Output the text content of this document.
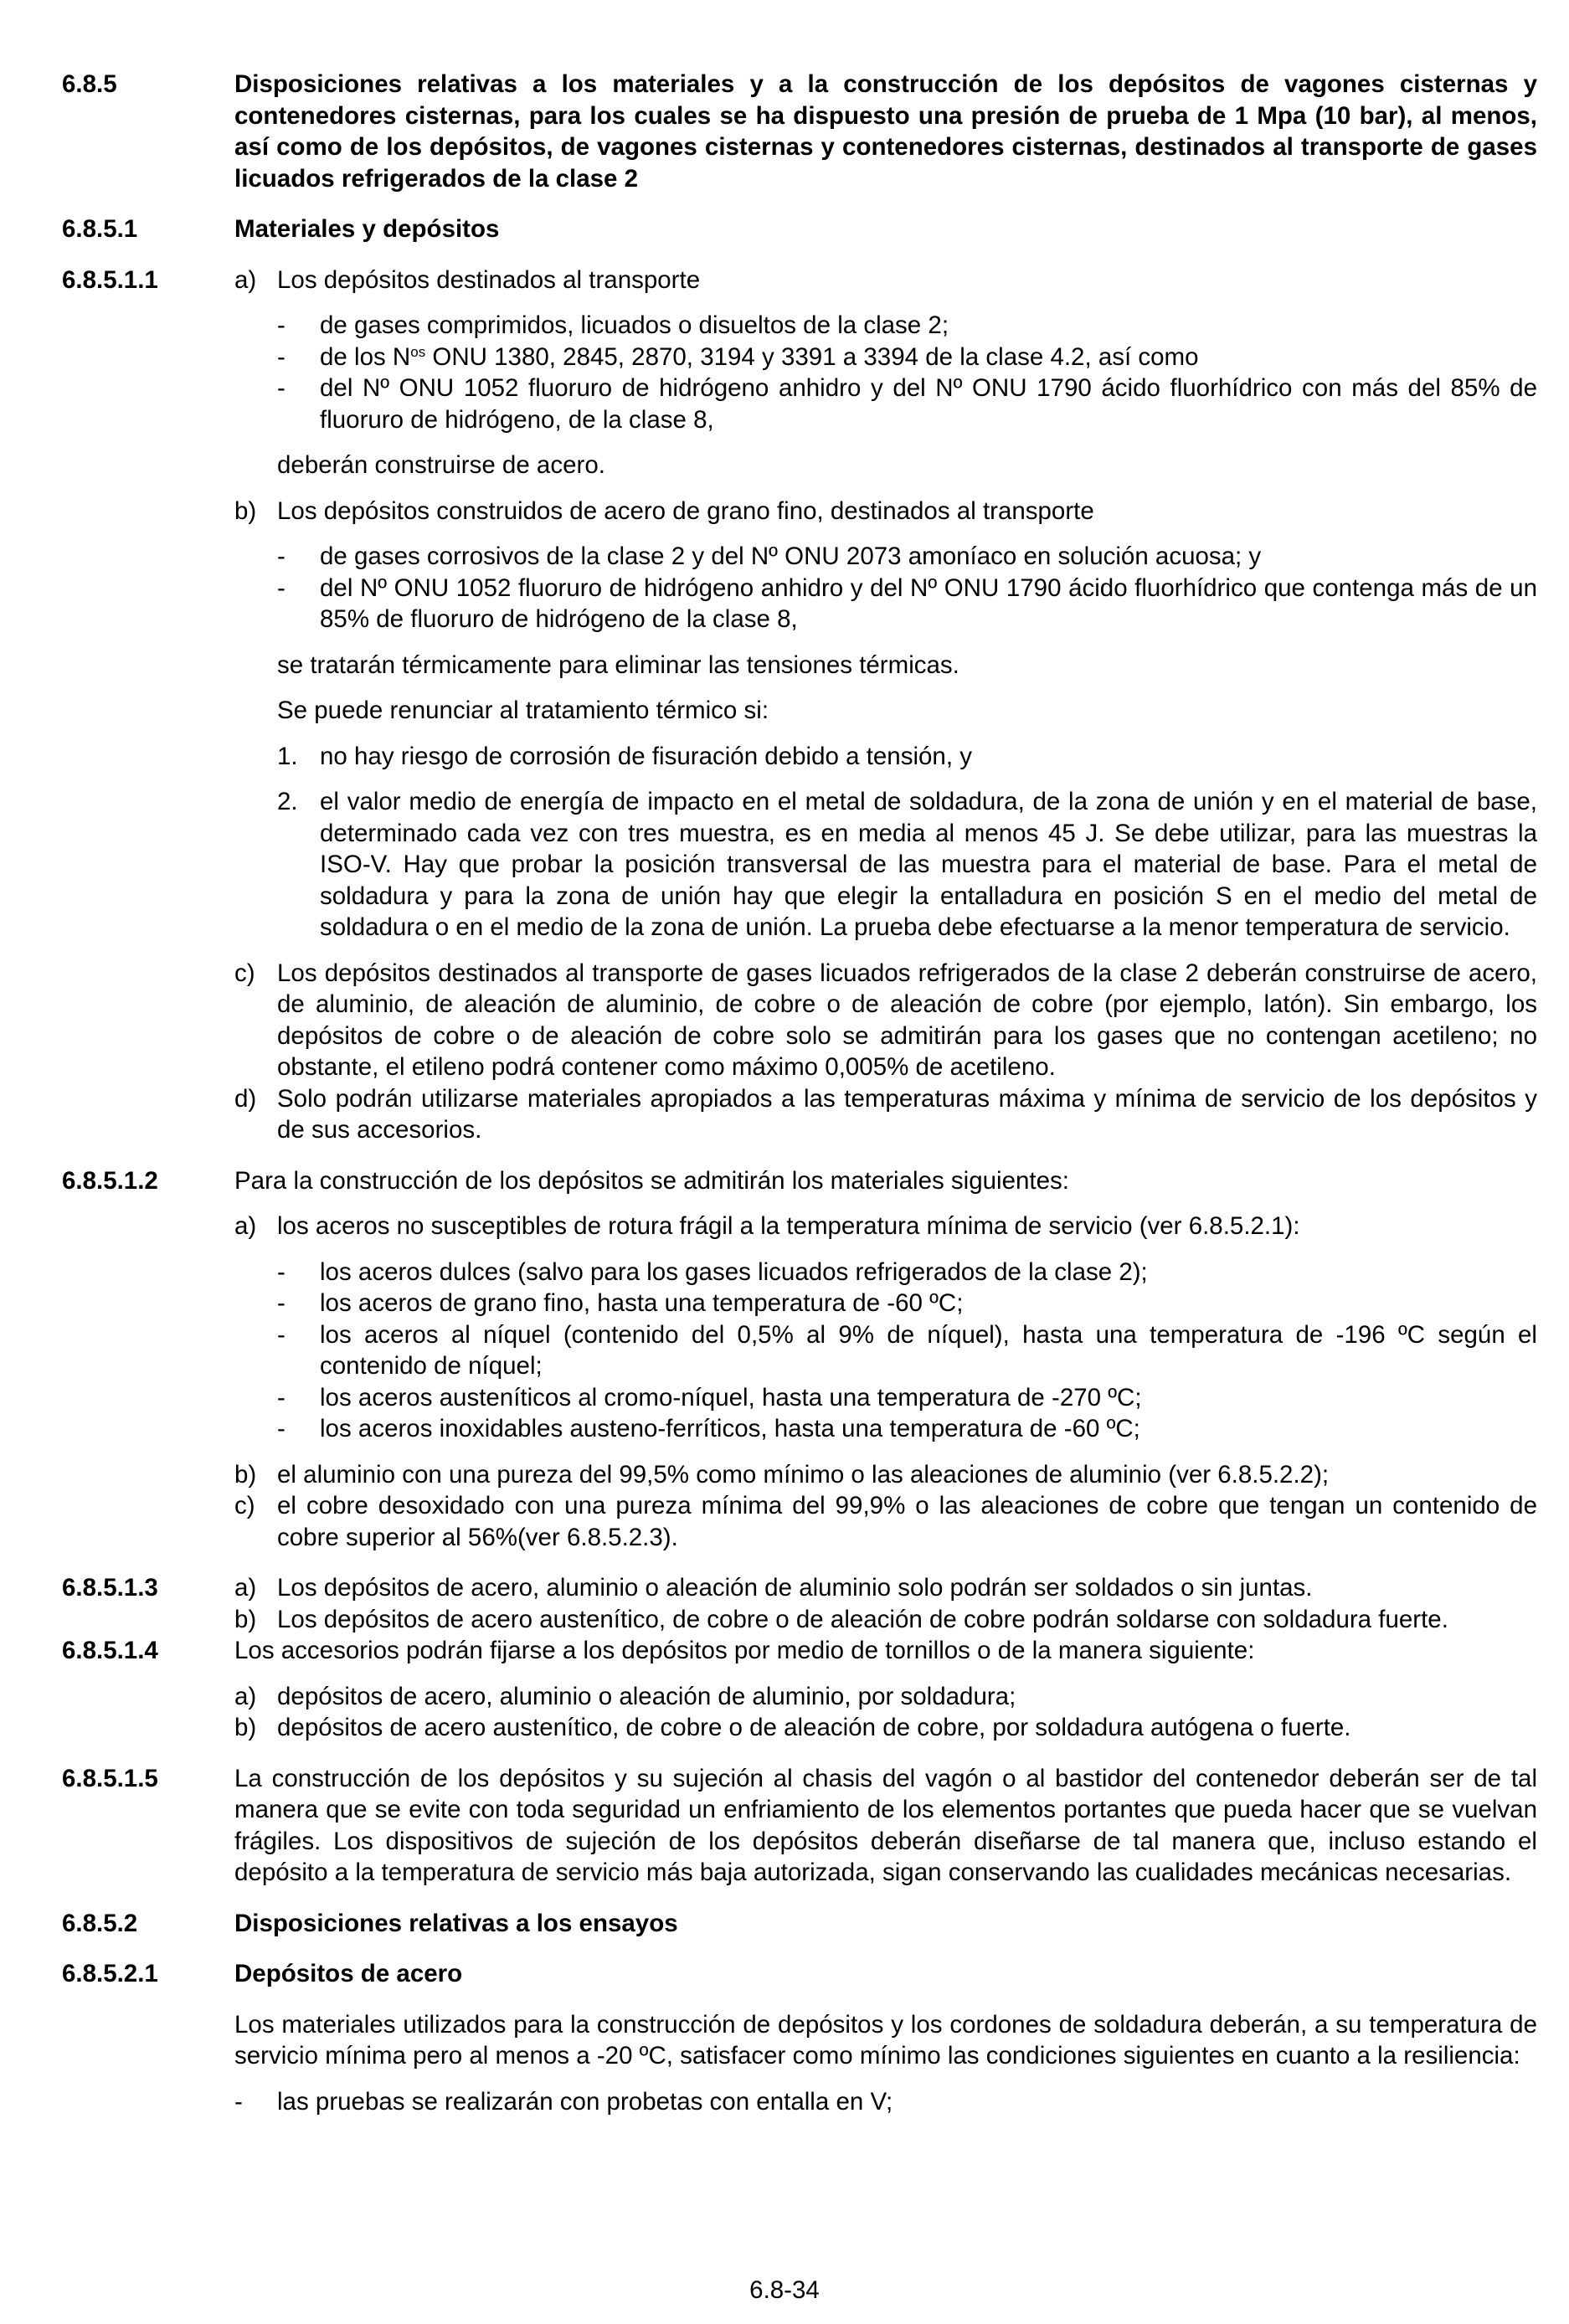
6.8.5	Disposiciones relativas a los materiales y a la construcción de los depósitos de vagones cisternas y contenedores cisternas, para los cuales se ha dispuesto una presión de prueba de 1 Mpa (10 bar), al menos, así como de los depósitos, de vagones cisternas y contenedores cisternas, destinados al transporte de gases licuados refrigerados de la clase 2
6.8.5.1	Materiales y depósitos
6.8.5.1.1	a) Los depósitos destinados al transporte
- de gases comprimidos, licuados o disueltos de la clase 2;
- de los $N^{os}$ ONU 1380, 2845, 2870, 3194 y 3391 a 3394 de la clase 4.2, así como
- del Nº ONU 1052 fluoruro de hidrógeno anhidro y del Nº ONU 1790 ácido fluorhídrico con más del 85% de fluoruro de hidrógeno, de la clase 8,
deberán construirse de acero.
b) Los depósitos construidos de acero de grano fino, destinados al transporte
- de gases corrosivos de la clase 2 y del Nº ONU 2073 amoníaco en solución acuosa; y
- del Nº ONU 1052 fluoruro de hidrógeno anhidro y del Nº ONU 1790 ácido fluorhídrico que contenga más de un 85% de fluoruro de hidrógeno de la clase 8,
se tratarán térmicamente para eliminar las tensiones térmicas.
Se puede renunciar al tratamiento térmico si:
1. no hay riesgo de corrosión de fisuración debido a tensión, y
2. el valor medio de energía de impacto en el metal de soldadura, de la zona de unión y en el material de base, determinado cada vez con tres muestra, es en media al menos 45 J. Se debe utilizar, para las muestras la ISO-V. Hay que probar la posición transversal de las muestra para el material de base. Para el metal de soldadura y para la zona de unión hay que elegir la entalladura en posición S en el medio del metal de soldadura o en el medio de la zona de unión. La prueba debe efectuarse a la menor temperatura de servicio.
c) Los depósitos destinados al transporte de gases licuados refrigerados de la clase 2 deberán construirse de acero, de aluminio, de aleación de aluminio, de cobre o de aleación de cobre (por ejemplo, latón). Sin embargo, los depósitos de cobre o de aleación de cobre solo se admitirán para los gases que no contengan acetileno; no obstante, el etileno podrá contener como máximo 0,005% de acetileno.
d) Solo podrán utilizarse materiales apropiados a las temperaturas máxima y mínima de servicio de los depósitos y de sus accesorios.
6.8.5.1.2	Para la construcción de los depósitos se admitirán los materiales siguientes:
a) los aceros no susceptibles de rotura frágil a la temperatura mínima de servicio (ver 6.8.5.2.1):
- los aceros dulces (salvo para los gases licuados refrigerados de la clase 2);
- los aceros de grano fino, hasta una temperatura de -60 ºC;
- los aceros al níquel (contenido del 0,5% al 9% de níquel), hasta una temperatura de -196 ºC según el contenido de níquel;
- los aceros austeníticos al cromo-níquel, hasta una temperatura de -270 ºC;
- los aceros inoxidables austeno-ferríticos, hasta una temperatura de -60 ºC;
b) el aluminio con una pureza del 99,5% como mínimo o las aleaciones de aluminio (ver 6.8.5.2.2);
c) el cobre desoxidado con una pureza mínima del 99,9% o las aleaciones de cobre que tengan un contenido de cobre superior al 56%(ver 6.8.5.2.3).
6.8.5.1.3	a) Los depósitos de acero, aluminio o aleación de aluminio solo podrán ser soldados o sin juntas.
b) Los depósitos de acero austenítico, de cobre o de aleación de cobre podrán soldarse con soldadura fuerte.
6.8.5.1.4	Los accesorios podrán fijarse a los depósitos por medio de tornillos o de la manera siguiente:
a) depósitos de acero, aluminio o aleación de aluminio, por soldadura;
b) depósitos de acero austenítico, de cobre o de aleación de cobre, por soldadura autógena o fuerte.
6.8.5.1.5	La construcción de los depósitos y su sujeción al chasis del vagón o al bastidor del contenedor deberán ser de tal manera que se evite con toda seguridad un enfriamiento de los elementos portantes que pueda hacer que se vuelvan frágiles. Los dispositivos de sujeción de los depósitos deberán diseñarse de tal manera que, incluso estando el depósito a la temperatura de servicio más baja autorizada, sigan conservando las cualidades mecánicas necesarias.
6.8.5.2	Disposiciones relativas a los ensayos
6.8.5.2.1	Depósitos de acero
Los materiales utilizados para la construcción de depósitos y los cordones de soldadura deberán, a su temperatura de servicio mínima pero al menos a -20 ºC, satisfacer como mínimo las condiciones siguientes en cuanto a la resiliencia:
- las pruebas se realizarán con probetas con entalla en V;
6.8-34
